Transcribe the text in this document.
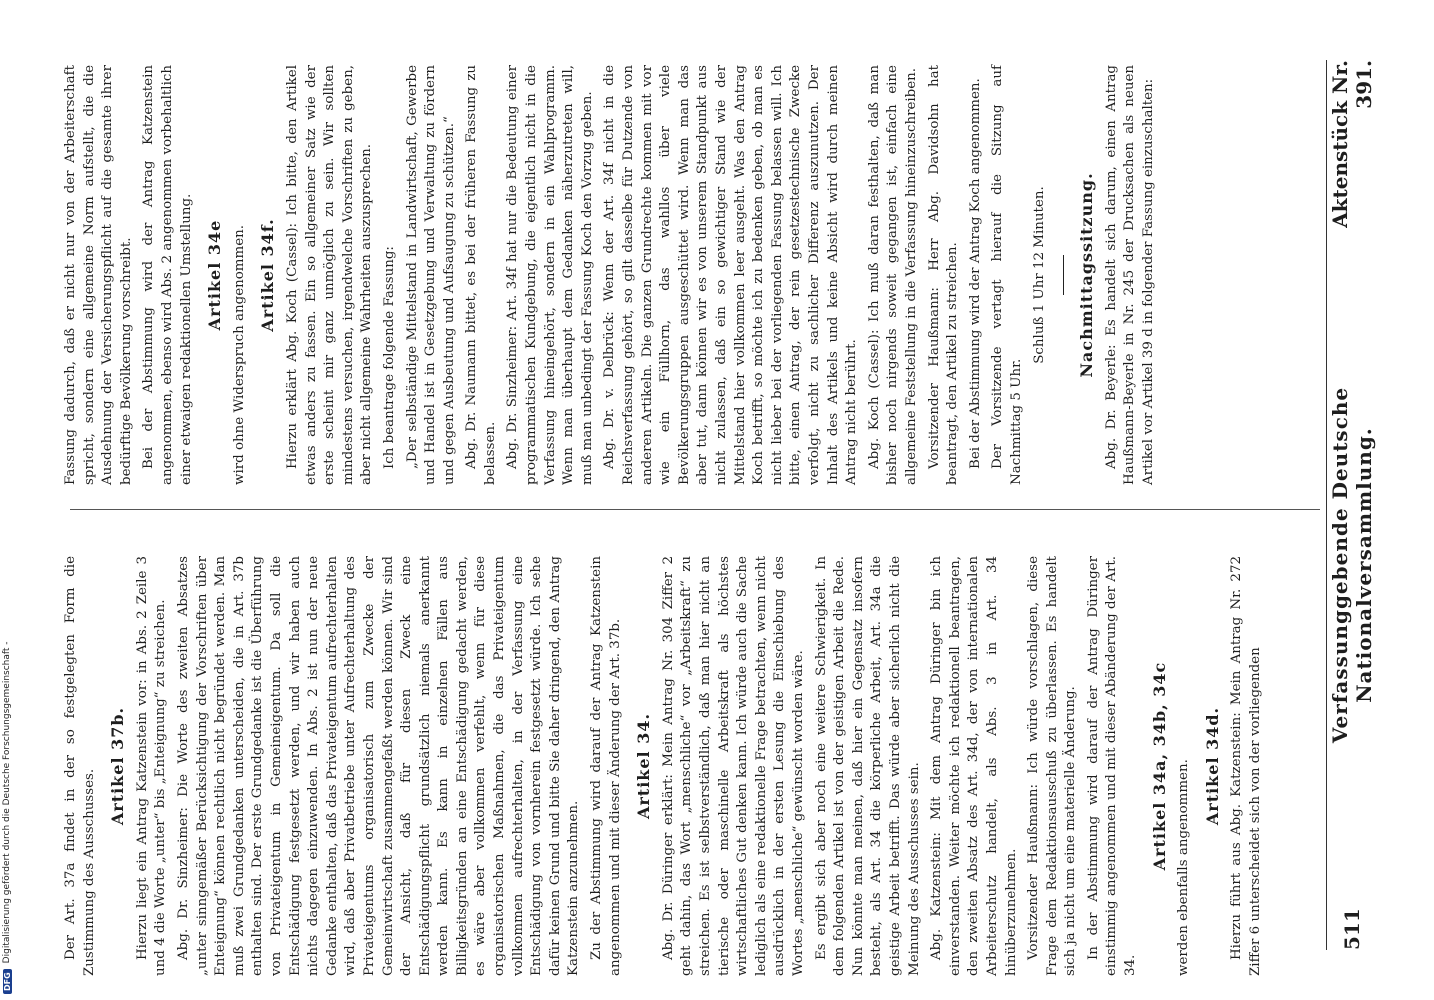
DFG
Digitalisierung gefördert durch die Deutsche Forschungsgemeinschaft -	511
Verfassunggebende Deutsche Nationalversammlung.
Aktenstück Nr. 391.

Fassung dadurch, daß er nicht nur von der Arbeiterschaft spricht, sondern eine allgemeine Norm aufstellt, die die Ausdehnung der Versicherungspflicht auf die gesamte ihrer bedürftige Bevölkerung vorschreibt. Bei der Abstimmung wird der Antrag Katzenstein angenommen, ebenso wird Abs. 2 angenommen vorbehaltlich einer etwaigen redaktionellen Umstellung. Artikel 34e wird ohne Widerspruch angenommen. Artikel 34f. Hierzu erklärt Abg. Koch (Cassel): Ich bitte, den Artikel etwas anders zu fassen. Ein so allgemeiner Satz wie der erste scheint mir ganz unmöglich zu sein. Wir sollten mindestens versuchen, irgendwelche Vorschriften zu geben, aber nicht allgemeine Wahrheiten auszusprechen. Ich beantrage folgende Fassung: „Der selbständige Mittelstand in Landwirtschaft, Gewerbe und Handel ist in Gesetzgebung und Verwaltung zu fördern und gegen Ausbeutung und Aufsaugung zu schützen.“ Abg. Dr. Naumann bittet, es bei der früheren Fassung zu belassen. Abg. Dr. Sinzheimer: Art. 34f hat nur die Bedeutung einer programmatischen Kundgebung, die eigentlich nicht in die Verfassung hineingehört, sondern in ein Wahlprogramm. Wenn man überhaupt dem Gedanken näherzutreten will, muß man unbedingt der Fassung Koch den Vorzug geben. Abg. Dr. v. Delbrück: Wenn der Art. 34f nicht in die Reichsverfassung gehört, so gilt dasselbe für Dutzende von anderen Artikeln. Die ganzen Grundrechte kommen mit vor wie ein Füllhorn, das wahllos über viele Bevölkerungsgruppen ausgeschüttet wird. Wenn man das aber tut, dann können wir es von unserem Standpunkt aus nicht zulassen, daß ein so gewichtiger Stand wie der Mittelstand hier vollkommen leer ausgeht. Was den Antrag Koch betrifft, so möchte ich zu bedenken geben, ob man es nicht lieber bei der vorliegenden Fassung belassen will. Ich bitte, einen Antrag, der rein gesetzestechnische Zwecke verfolgt, nicht zu sachlicher Differenz auszunutzen. Der Inhalt des Artikels und keine Absicht wird durch meinen Antrag nicht berührt. Abg. Koch (Cassel): Ich muß daran festhalten, daß man bisher noch nirgends soweit gegangen ist, einfach eine allgemeine Feststellung in die Verfassung hineinzuschreiben. Vorsitzender Haußmann: Herr Abg. Davidsohn hat beantragt, den Artikel zu streichen. Bei der Abstimmung wird der Antrag Koch angenommen. Der Vorsitzende vertagt hierauf die Sitzung auf Nachmittag 5 Uhr.

Schluß 1 Uhr 12 Minuten. Nachmittagssitzung. Abg. Dr. Beyerle: Es handelt sich darum, einen Antrag Haußmann-Beyerle in Nr. 245 der Drucksachen als neuen Artikel vor Artikel 39 d in folgender Fassung einzuschalten:

Der Art. 37a findet in der so festgelegten Form die Zustimmung des Ausschusses.

Artikel 37b. Hierzu liegt ein Antrag Katzenstein vor: in Abs. 2 Zeile 3 und 4 die Worte „unter“ bis „Enteignung“ zu streichen. Abg. Dr. Sinzheimer: Die Worte des zweiten Absatzes „unter sinngemäßer Berücksichtigung der Vorschriften über Enteignung“ können rechtlich nicht begründet werden. Man muß zwei Grundgedanken unterscheiden, die in Art. 37b enthalten sind. Der erste Grundgedanke ist die Überführung von Privateigentum in Gemeineigentum. Da soll die Entschädigung festgesetzt werden, und wir haben auch nichts dagegen einzuwenden. In Abs. 2 ist nun der neue Gedanke enthalten, daß das Privateigentum aufrechterhalten wird, daß aber Privatbetriebe unter Aufrechterhaltung des Privateigentums organisatorisch zum Zwecke der Gemeinwirtschaft zusammengefaßt werden können. Wir sind der Ansicht, daß für diesen Zweck eine Entschädigungspflicht grundsätzlich niemals anerkannt werden kann. Es kann in einzelnen Fällen aus Billigkeitsgründen an eine Entschädigung gedacht werden, es wäre aber vollkommen verfehlt, wenn für diese organisatorischen Maßnahmen, die das Privateigentum vollkommen aufrechterhalten, in der Verfassung eine Entschädigung von vornherein festgesetzt würde. Ich sehe dafür keinen Grund und bitte Sie daher dringend, den Antrag Katzenstein anzunehmen. Zu der Abstimmung wird darauf der Antrag Katzenstein angenommen und mit dieser Änderung der Art. 37b. Artikel 34. Abg. Dr. Düringer erklärt: Mein Antrag Nr. 304 Ziffer 2 geht dahin, das Wort „menschliche“ vor „Arbeitskraft“ zu streichen. Es ist selbstverständlich, daß man hier nicht an tierische oder maschinelle Arbeitskraft als höchstes wirtschaftliches Gut denken kann. Ich würde auch die Sache lediglich als eine redaktionelle Frage betrachten, wenn nicht ausdrücklich in der ersten Lesung die Einschiebung des Wortes „menschliche“ gewünscht worden wäre. Es ergibt sich aber noch eine weitere Schwierigkeit. In dem folgenden Artikel ist von der geistigen Arbeit die Rede. Nun könnte man meinen, daß hier ein Gegensatz insofern besteht, als Art. 34 die körperliche Arbeit, Art. 34a die geistige Arbeit betrifft. Das würde aber sicherlich nicht die Meinung des Ausschusses sein. Abg. Katzenstein: Mit dem Antrag Düringer bin ich einverstanden. Weiter möchte ich redaktionell beantragen, den zweiten Absatz des Art. 34d, der von internationalen Arbeiterschutz handelt, als Abs. 3 in Art. 34 hinüberzunehmen. Vorsitzender Haußmann: Ich würde vorschlagen, diese Frage dem Redaktionsausschuß zu überlassen. Es handelt sich ja nicht um eine materielle Änderung. In der Abstimmung wird darauf der Antrag Düringer einstimmig angenommen und mit dieser Abänderung der Art. 34.

Artikel 34a, 34b, 34c werden ebenfalls angenommen. Artikel 34d. Hierzu führt aus Abg. Katzenstein: Mein Antrag Nr. 272 Ziffer 6 unterscheidet sich von der vorliegenden
